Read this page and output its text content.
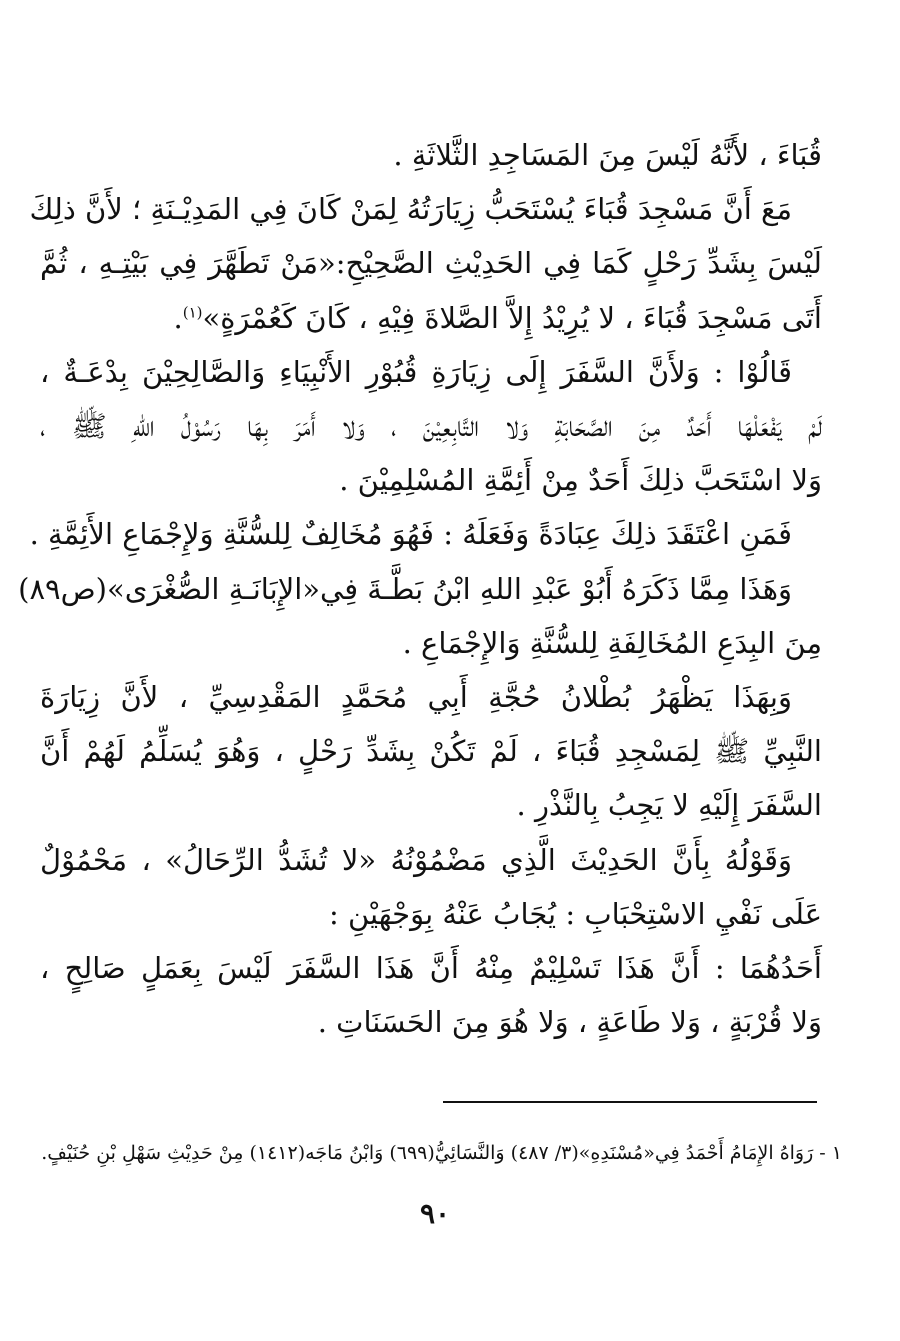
قُبَاءَ ، لأَنَّهُ لَيْسَ مِنَ المَسَاجِدِ الثَّلاثَةِ .
مَعَ أَنَّ مَسْجِدَ قُبَاءَ يُسْتَحَبُّ زِيَارَتُهُ لِمَنْ كَانَ فِي المَدِيْـنَةِ ؛ لأَنَّ ذلِكَ
لَيْسَ بِشَدِّ رَحْلٍ كَمَا فِي الحَدِيْثِ الصَّحِيْحِ:«مَنْ تَطَهَّرَ فِي بَيْتِـهِ ، ثُمَّ
أَتَى مَسْجِدَ قُبَاءَ ، لا يُرِيْدُ إِلاَّ الصَّلاةَ فِيْهِ ، كَانَ كَعُمْرَةٍ»$^{(١)}$.
قَالُوْا : وَلأَنَّ السَّفَرَ إِلَى زِيَارَةِ قُبُوْرِ الأَنْبِيَاءِ وَالصَّالِحِيْنَ بِدْعَـةٌ ،
لَمْ يَفْعَلْهَا أَحَدٌ مِنَ الصَّحَابَةِ وَلا التَّابِعِيْنَ ، وَلا أَمَرَ بِهَا رَسُوْلُ اللهِ ﷺ ،
وَلا اسْتَحَبَّ ذلِكَ أَحَدٌ مِنْ أَئِمَّةِ المُسْلِمِيْنَ .
فَمَنِ اعْتَقَدَ ذلِكَ عِبَادَةً وَفَعَلَهُ : فَهُوَ مُخَالِفٌ لِلسُّنَّةِ وَلإِجْمَاعِ الأَئِمَّةِ .
وَهَذَا مِمَّا ذَكَرَهُ أَبُوْ عَبْدِ اللهِ ابْنُ بَطَّـةَ فِي«الإِبَانَـةِ الصُّغْرَى»(ص٨٩)
مِنَ البِدَعِ المُخَالِفَةِ لِلسُّنَّةِ وَالإِجْمَاعِ .
وَبِهَذَا يَظْهَرُ بُطْلانُ حُجَّةِ أَبِي مُحَمَّدٍ المَقْدِسِيِّ ، لأَنَّ زِيَارَةَ
النَّبِيِّ ﷺ لِمَسْجِدِ قُبَاءَ ، لَمْ تَكُنْ بِشَدِّ رَحْلٍ ، وَهُوَ يُسَلِّمُ لَهُمْ أَنَّ
السَّفَرَ إِلَيْهِ لا يَجِبُ بِالنَّذْرِ .
وَقَوْلُهُ بِأَنَّ الحَدِيْثَ الَّذِي مَضْمُوْنُهُ «لا تُشَدُّ الرِّحَالُ» ، مَحْمُوْلٌ
عَلَى نَفْيِ الاسْتِحْبَابِ : يُجَابُ عَنْهُ بِوَجْهَيْنِ :
أَحَدُهُمَا : أَنَّ هَذَا تَسْلِيْمٌ مِنْهُ أَنَّ هَذَا السَّفَرَ لَيْسَ بِعَمَلٍ صَالِحٍ ،
وَلا قُرْبَةٍ ، وَلا طَاعَةٍ ، وَلا هُوَ مِنَ الحَسَنَاتِ .
١ - رَوَاهُ الإِمَامُ أَحْمَدُ فِي«مُسْنَدِهِ»(٣/ ٤٨٧) وَالنَّسَائِيُّ(٦٩٩) وَابْنُ مَاجَه(١٤١٢) مِنْ حَدِيْثِ سَهْلِ بْنِ حُنَيْفٍ.
٩٠
